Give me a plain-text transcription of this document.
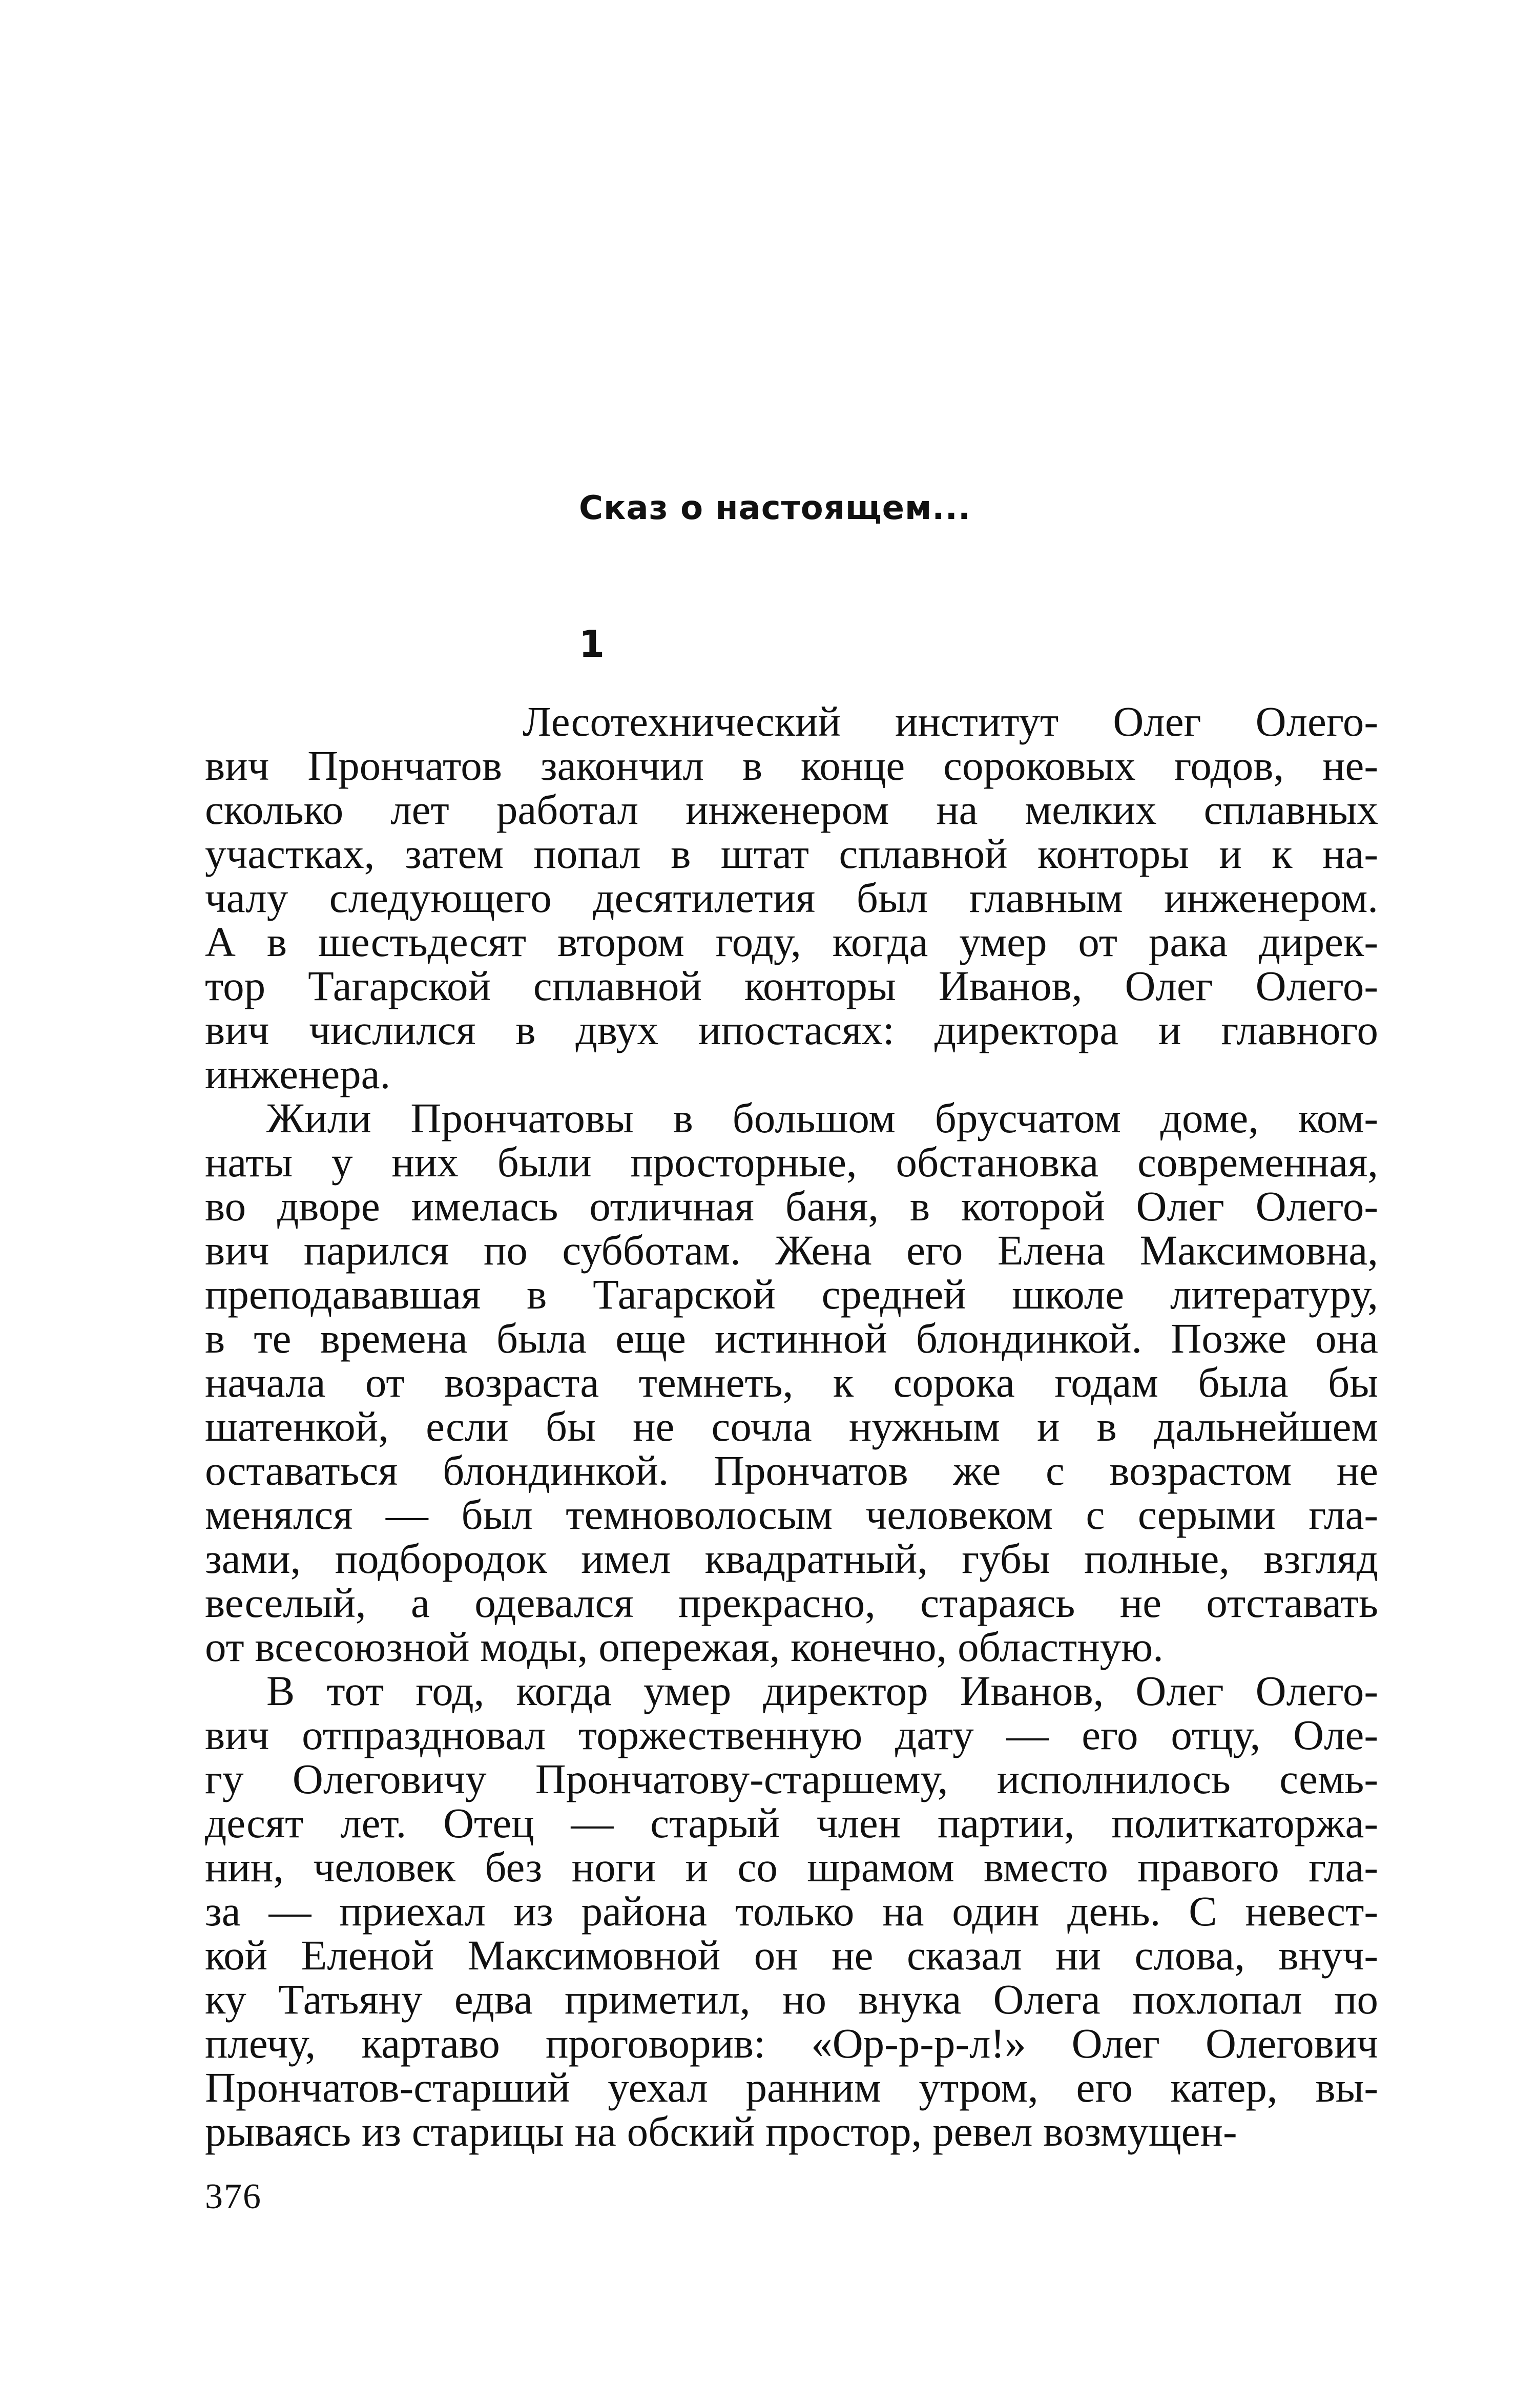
Сказ о настоящем...
1
Лесотехнический институт Олег Олего-
вич Прончатов закончил в конце сороковых годов, не-
сколько лет работал инженером на мелких сплавных
участках, затем попал в штат сплавной конторы и к на-
чалу следующего десятилетия был главным инженером.
А в шестьдесят втором году, когда умер от рака дирек-
тор Тагарской сплавной конторы Иванов, Олег Олего-
вич числился в двух ипостасях: директора и главного
инженера.
Жили Прончатовы в большом брусчатом доме, ком-
наты у них были просторные, обстановка современная,
во дворе имелась отличная баня, в которой Олег Олего-
вич парился по субботам. Жена его Елена Максимовна,
преподававшая в Тагарской средней школе литературу,
в те времена была еще истинной блондинкой. Позже она
начала от возраста темнеть, к сорока годам была бы
шатенкой, если бы не сочла нужным и в дальнейшем
оставаться блондинкой. Прончатов же с возрастом не
менялся — был темноволосым человеком с серыми гла-
зами, подбородок имел квадратный, губы полные, взгляд
веселый, а одевался прекрасно, стараясь не отставать
от всесоюзной моды, опережая, конечно, областную.
В тот год, когда умер директор Иванов, Олег Олего-
вич отпраздновал торжественную дату — его отцу, Оле-
гу Олеговичу Прончатову-старшему, исполнилось семь-
десят лет. Отец — старый член партии, политкаторжа-
нин, человек без ноги и со шрамом вместо правого гла-
за — приехал из района только на один день. С невест-
кой Еленой Максимовной он не сказал ни слова, внуч-
ку Татьяну едва приметил, но внука Олега похлопал по
плечу, картаво проговорив: «Ор-р-р-л!» Олег Олегович
Прончатов-старший уехал ранним утром, его катер, вы-
рываясь из старицы на обский простор, ревел возмущен-
376
